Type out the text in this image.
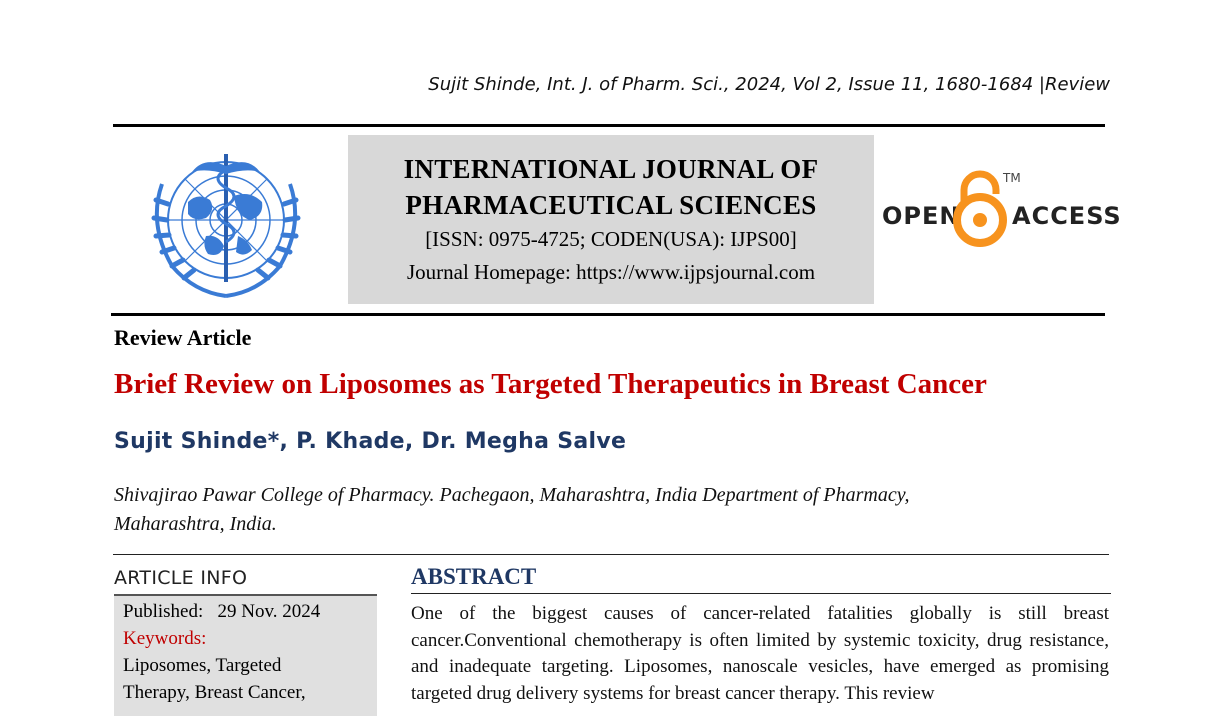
Sujit Shinde, Int. J. of Pharm. Sci., 2024, Vol 2, Issue 11, 1680-1684 |Review
INTERNATIONAL JOURNAL OF
PHARMACEUTICAL SCIENCES
[ISSN: 0975-4725; CODEN(USA): IJPS00]
Journal Homepage: https://www.ijpsjournal.com
OPEN
TM
ACCESS
Review Article
Brief Review on Liposomes as Targeted Therapeutics in Breast Cancer
Sujit Shinde*, P. Khade, Dr. Megha Salve
Shivajirao Pawar College of Pharmacy. Pachegaon, Maharashtra, India Department of Pharmacy,
Maharashtra, India.
ARTICLE INFO
Published: 29 Nov. 2024
Keywords:
Liposomes, Targeted
Therapy, Breast Cancer,
ABSTRACT
One of the biggest causes of cancer-related fatalities globally is still breast cancer.Conventional chemotherapy is often limited by systemic toxicity, drug resistance, and inadequate targeting. Liposomes, nanoscale vesicles, have emerged as promising targeted drug delivery systems for breast cancer therapy. This review
